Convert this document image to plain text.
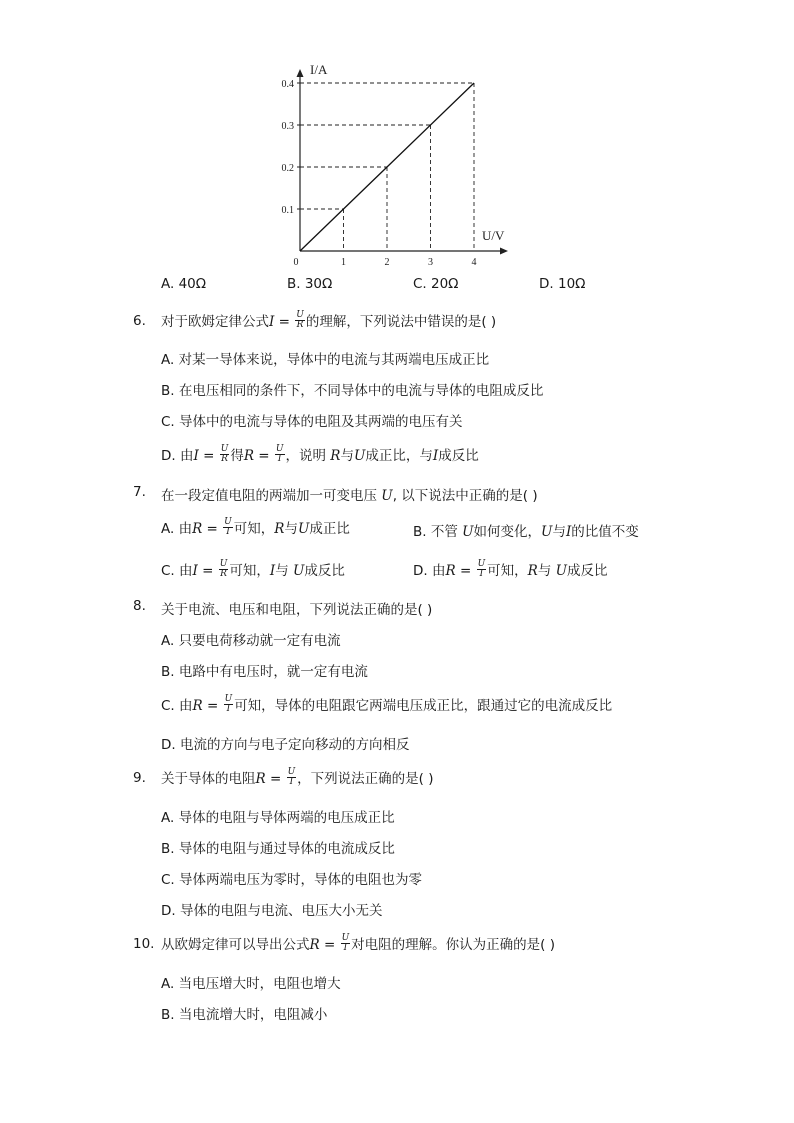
I/A
U/V
0
0.1
0.2
0.3
0.4
1	2	3	4
A. 40Ω	B. 30Ω	C. 20Ω	D. 10Ω
6. 对于欧姆定律公式$I = \frac{U}{R}$ 的理解，下列说法中错误的是( )
A. 对某一导体来说，导体中的电流与其两端电压成正比
B. 在电压相同的条件下，不同导体中的电流与导体的电阻成反比
C. 导体中的电流与导体的电阻及其两端的电压有关
D. 由$I = \frac{U}{R}$ 得$R = \frac{U}{I}$ ，说明 R与U成正比，与I成反比
7. 在一段定值电阻的两端加一可变电压 U, 以下说法中正确的是( )
A. 由$R = \frac{U}{I}$ 可知，R与U成正比	B. 不管 U如何变化，U与I的比值不变
C. 由$I = \frac{U}{R}$ 可知，I与 U成反比	D. 由$R = \frac{U}{I}$ 可知，R与 U成反比
8. 关于电流、电压和电阻，下列说法正确的是( )
A. 只要电荷移动就一定有电流
B. 电路中有电压时，就一定有电流
C. 由$R = \frac{U}{I}$ 可知，导体的电阻跟它两端电压成正比，跟通过它的电流成反比
D. 电流的方向与电子定向移动的方向相反
9. 关于导体的电阻$R = \frac{U}{I}$ ，下列说法正确的是( )
A. 导体的电阻与导体两端的电压成正比
B. 导体的电阻与通过导体的电流成反比
C. 导体两端电压为零时，导体的电阻也为零
D. 导体的电阻与电流、电压大小无关
10. 从欧姆定律可以导出公式$R = \frac{U}{I}$ 对电阻的理解。你认为正确的是( )
A. 当电压增大时，电阻也增大
B. 当电流增大时，电阻减小
